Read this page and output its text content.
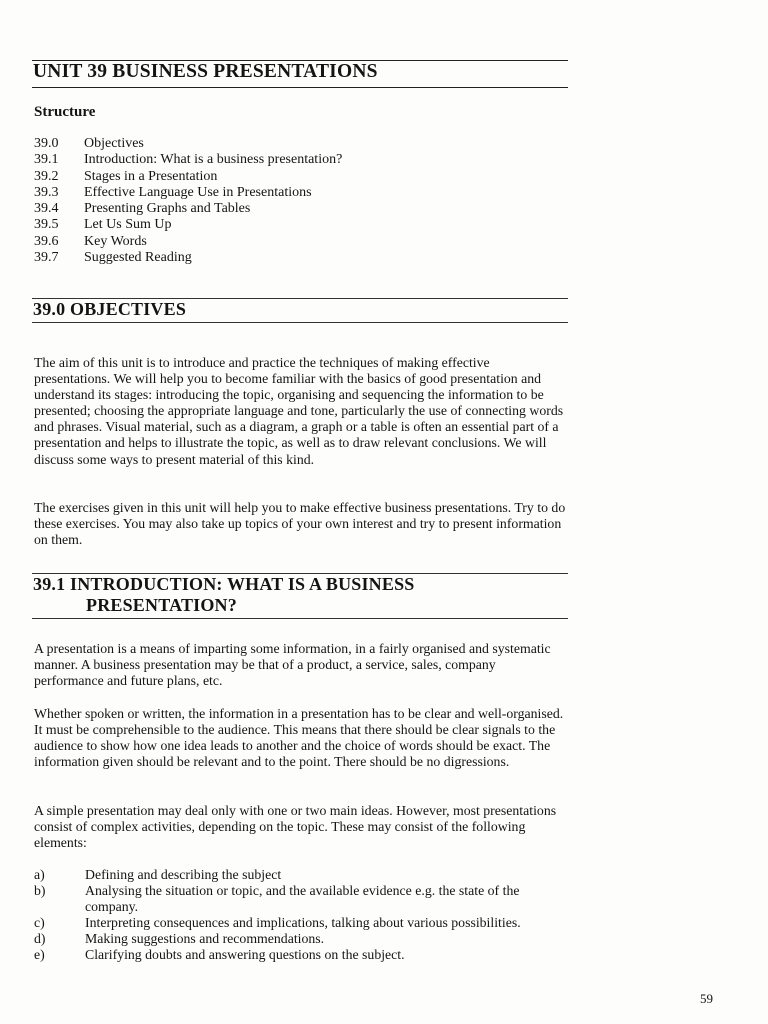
UNIT 39 BUSINESS PRESENTATIONS
Structure
39.0	Objectives
39.1	Introduction: What is a business presentation?
39.2	Stages in a Presentation
39.3	Effective Language Use in Presentations
39.4	Presenting Graphs and Tables
39.5	Let Us Sum Up
39.6	Key Words
39.7	Suggested Reading
39.0 OBJECTIVES
The aim of this unit is to introduce and practice the techniques of making effective presentations. We will help you to become familiar with the basics of good presentation and understand its stages: introducing the topic, organising and sequencing the information to be presented; choosing the appropriate language and tone, particularly the use of connecting words and phrases. Visual material, such as a diagram, a graph or a table is often an essential part of a presentation and helps to illustrate the topic, as well as to draw relevant conclusions. We will discuss some ways to present material of this kind.
The exercises given in this unit will help you to make effective business presentations. Try to do these exercises. You may also take up topics of your own interest and try to present information on them.
39.1 INTRODUCTION: WHAT IS A BUSINESS
PRESENTATION?
A presentation is a means of imparting some information, in a fairly organised and systematic manner. A business presentation may be that of a product, a service, sales, company performance and future plans, etc.
Whether spoken or written, the information in a presentation has to be clear and well-organised. It must be comprehensible to the audience. This means that there should be clear signals to the audience to show how one idea leads to another and the choice of words should be exact. The information given should be relevant and to the point. There should be no digressions.
A simple presentation may deal only with one or two main ideas. However, most presentations consist of complex activities, depending on the topic. These may consist of the following elements:
a)	Defining and describing the subject
b)	Analysing the situation or topic, and the available evidence e.g. the state of the company.
c)	Interpreting consequences and implications, talking about various possibilities.
d)	Making suggestions and recommendations.
e)	Clarifying doubts and answering questions on the subject.
59
